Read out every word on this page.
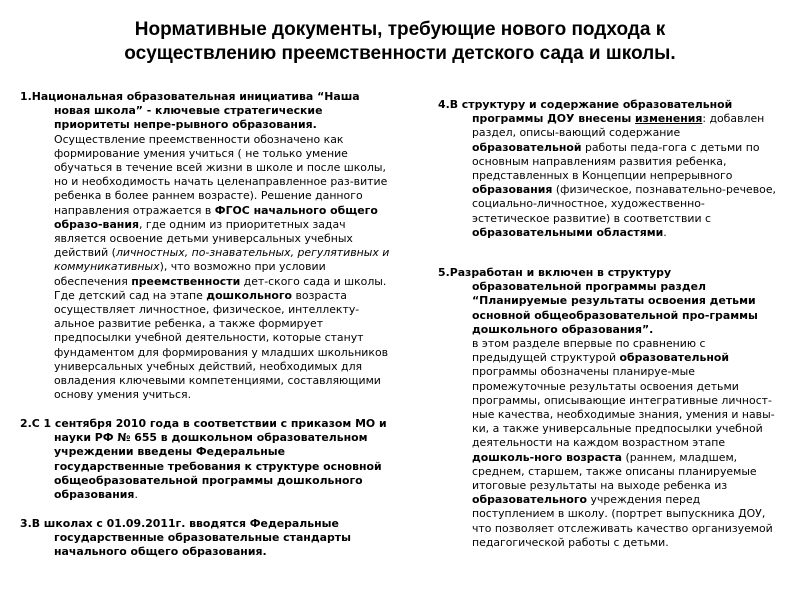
Нормативные документы, требующие нового подхода к осуществлению преемственности детского сада и школы.
1.Национальная образовательная инициатива “Наша новая школа” - ключевые стратегические приоритеты непре-рывного образования.
Осуществление преемственности обозначено как формирование умения учиться ( не только умение обучаться в течение всей жизни в школе и после школы, но и необходимость начать целенаправленное раз-витие ребенка в более раннем возрасте). Решение данного направления отражается в ФГОС начального общего образо-вания, где одним из приоритетных задач является освоение детьми универсальных учебных действий (личностных, по-знавательных, регулятивных и коммуникативных), что возможно при условии обеспечения преемственности дет-ского сада и школы. Где детский сад на этапе дошкольного возраста осуществляет личностное, физическое, интеллекту-альное развитие ребенка, а также формирует предпосылки учебной деятельности, которые станут фундаментом для формирования у младших школьников универсальных учебных действий, необходимых для овладения ключевыми компетенциями, составляющими основу умения учиться.
2.С 1 сентября 2010 года в соответствии с приказом МО и науки РФ № 655 в дошкольном образовательном учреждении введены Федеральные государственные требования к структуре основной общеобразовательной программы дошкольного образования.
3.В школах с 01.09.2011г. вводятся Федеральные государственные образовательные стандарты начального общего образования.
4.В структуру и содержание образовательной программы ДОУ внесены изменения: добавлен раздел, описы-вающий содержание образовательной работы педа-гога с детьми по основным направлениям развития ребенка, представленных в Концепции непрерывного образования (физическое, познавательно-речевое, социально-личностное, художественно-эстетическое развитие) в соответствии с образовательными областями.
5.Разработан и включен в структуру образовательной программы раздел “Планируемые результаты освоения детьми основной общеобразовательной про-граммы дошкольного образования”.
в этом разделе впервые по сравнению с предыдущей структурой образовательной программы обозначены планируе-мые промежуточные результаты освоения детьми программы, описывающие интегративные личност-ные качества, необходимые знания, умения и навы-ки, а также универсальные предпосылки учебной деятельности на каждом возрастном этапе дошколь-ного возраста (раннем, младшем, среднем, старшем, также описаны планируемые итоговые результаты на выходе ребенка из образовательного учреждения перед поступлением в школу. (портрет выпускника ДОУ, что позволяет отслеживать качество организуемой педагогической работы с детьми.
